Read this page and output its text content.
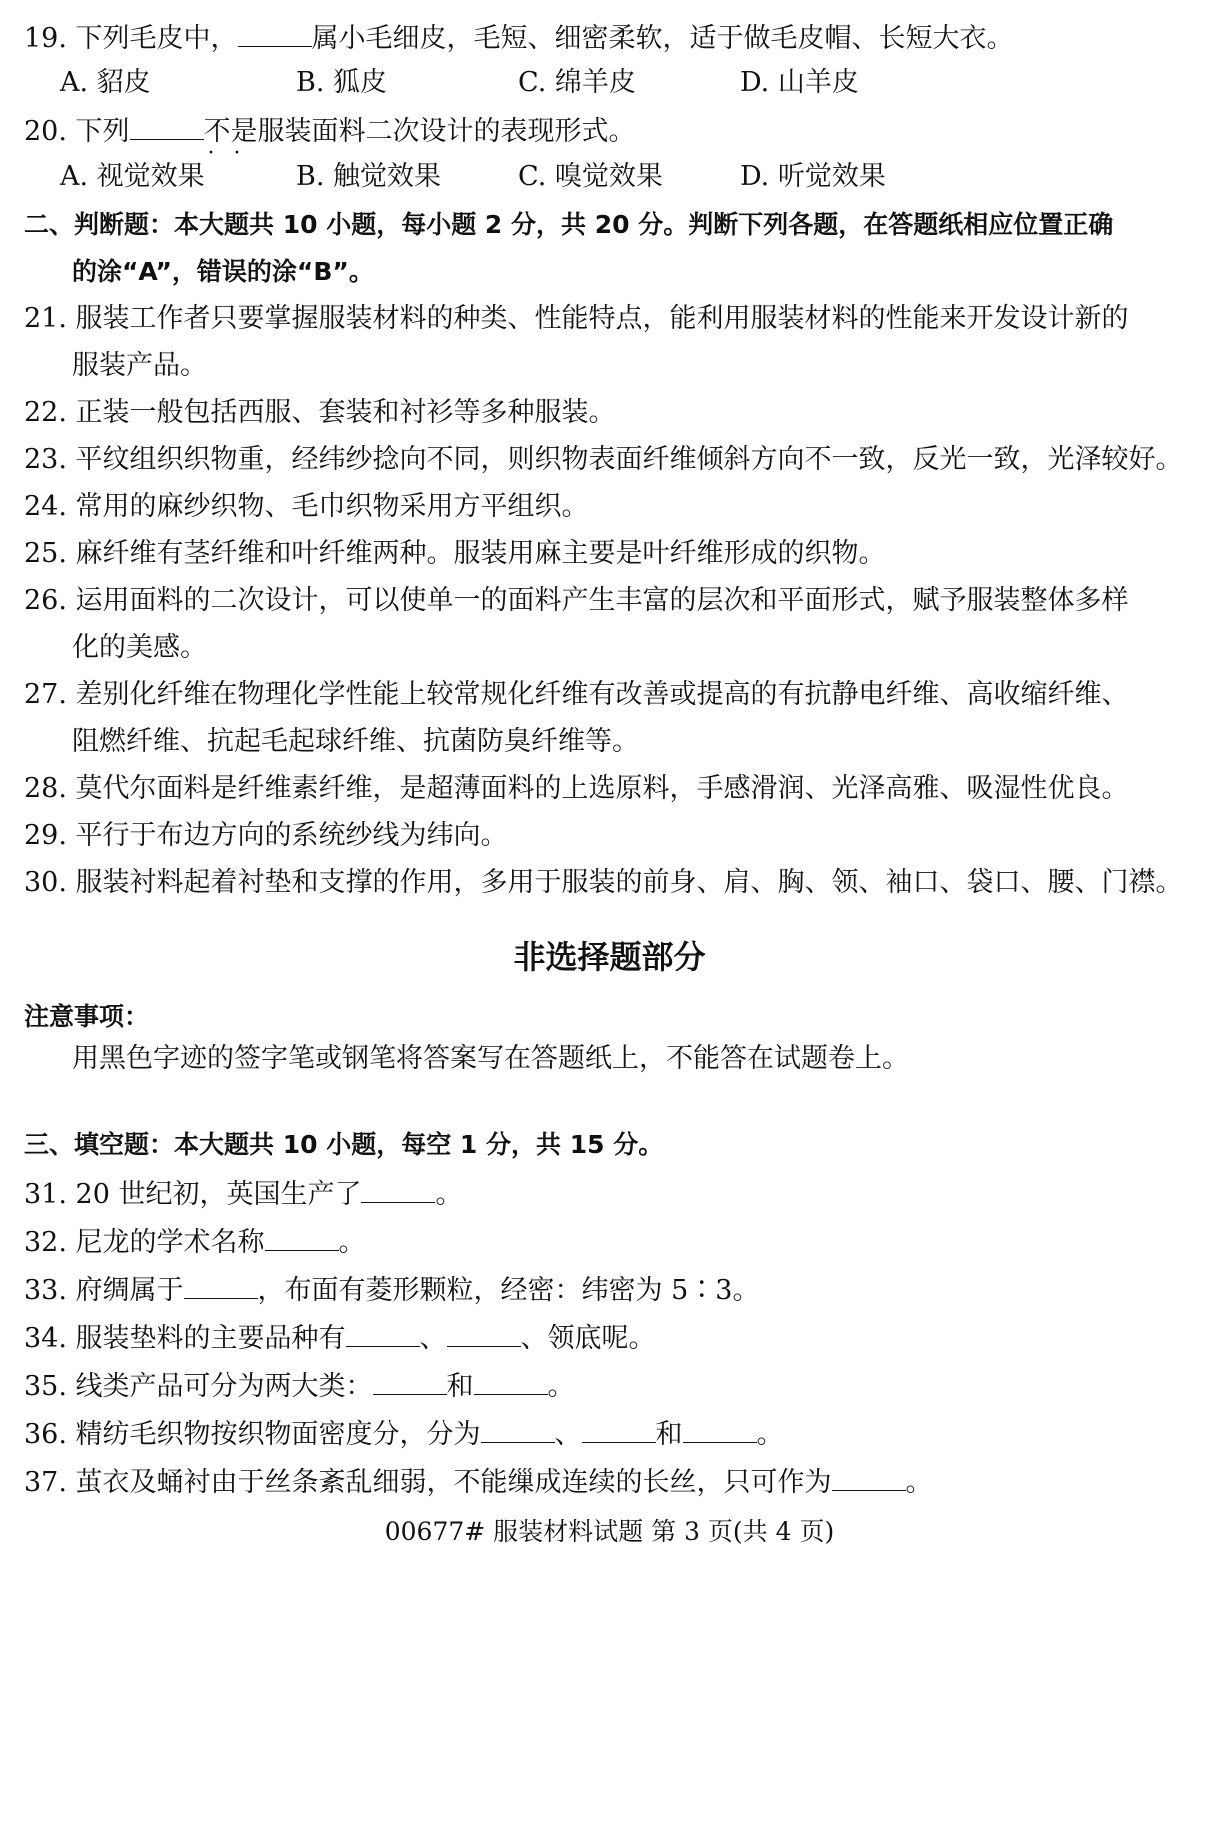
19. 下列毛皮中，	属小毛细皮，毛短、细密柔软，适于做毛皮帽、长短大衣。
A. 貂皮	B. 狐皮	C. 绵羊皮	D. 山羊皮
20. 下列	不是 · ·服装面料二次设计的表现形式。
A. 视觉效果	B. 触觉效果	C. 嗅觉效果	D. 听觉效果
二、判断题：本大题共 10 小题，每小题 2 分，共 20 分。判断下列各题，在答题纸相应位置正确
的涂“A”，错误的涂“B”。
21. 服装工作者只要掌握服装材料的种类、性能特点，能利用服装材料的性能来开发设计新的
服装产品。
22. 正装一般包括西服、套装和衬衫等多种服装。
23. 平纹组织织物重，经纬纱捻向不同，则织物表面纤维倾斜方向不一致，反光一致，光泽较好。
24. 常用的麻纱织物、毛巾织物采用方平组织。
25. 麻纤维有茎纤维和叶纤维两种。服装用麻主要是叶纤维形成的织物。
26. 运用面料的二次设计，可以使单一的面料产生丰富的层次和平面形式，赋予服装整体多样
化的美感。
27. 差别化纤维在物理化学性能上较常规化纤维有改善或提高的有抗静电纤维、高收缩纤维、
阻燃纤维、抗起毛起球纤维、抗菌防臭纤维等。
28. 莫代尔面料是纤维素纤维，是超薄面料的上选原料，手感滑润、光泽高雅、吸湿性优良。
29. 平行于布边方向的系统纱线为纬向。
30. 服装衬料起着衬垫和支撑的作用，多用于服装的前身、肩、胸、领、袖口、袋口、腰、门襟。
非选择题部分
注意事项：
用黑色字迹的签字笔或钢笔将答案写在答题纸上，不能答在试题卷上。
三、填空题：本大题共 10 小题，每空 1 分，共 15 分。
31. 20 世纪初，英国生产了	。
32. 尼龙的学术名称	。
33. 府绸属于	，布面有菱形颗粒，经密：纬密为 5∶3。
34. 服装垫料的主要品种有	、	、领底呢。
35. 线类产品可分为两大类：	和	。
36. 精纺毛织物按织物面密度分，分为	、	和	。
37. 茧衣及蛹衬由于丝条紊乱细弱，不能缫成连续的长丝，只可作为	。
00677# 服装材料试题 第 3 页(共 4 页)
